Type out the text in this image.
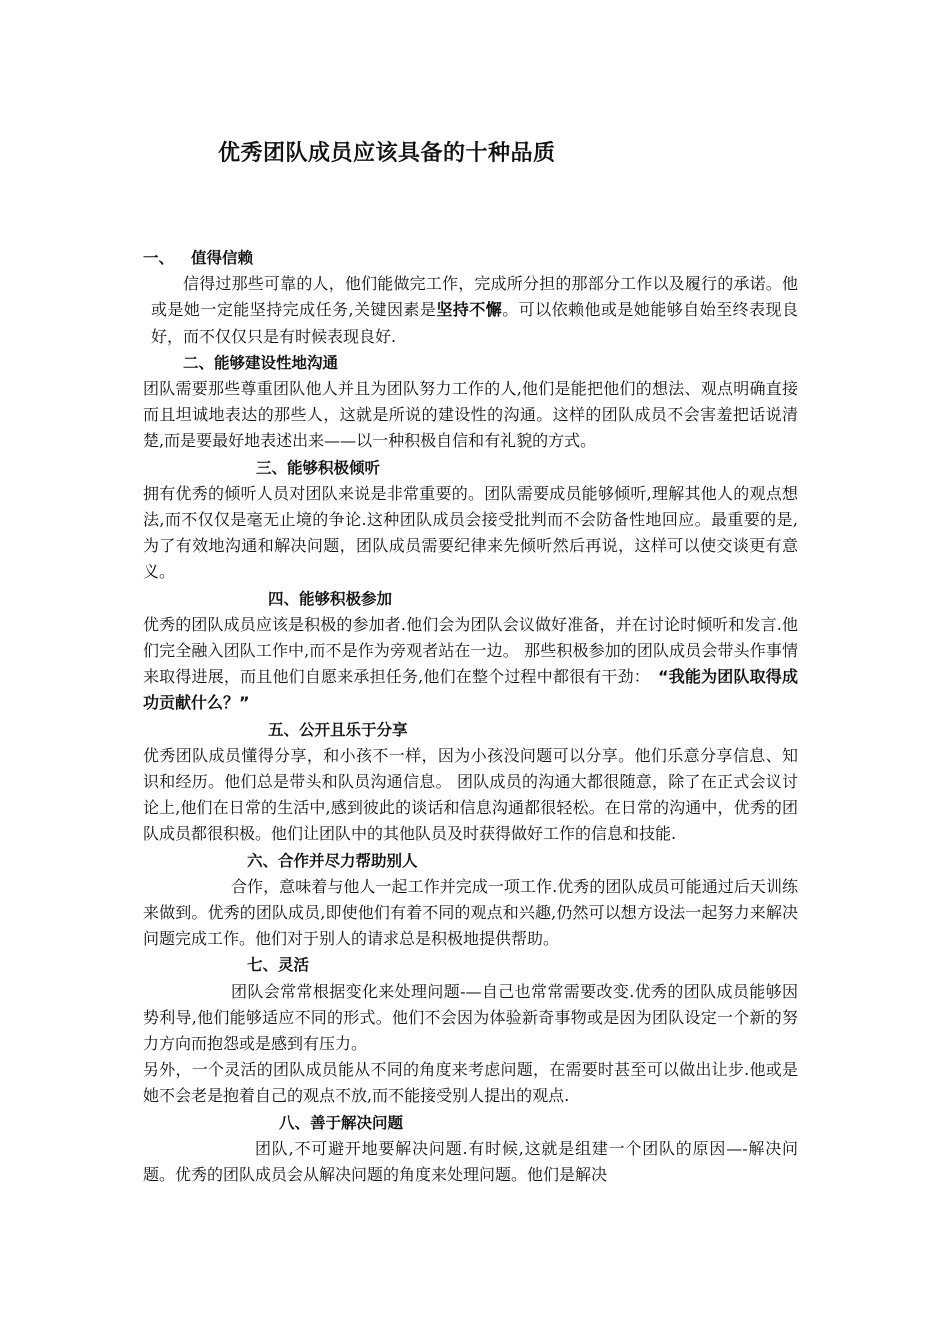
优秀团队成员应该具备的十种品质
一、 值得信赖

信得过那些可靠的人，他们能做完工作，完成所分担的那部分工作以及履行的承诺。他或是她一定能坚持完成任务,关键因素是坚持不懈。可以依赖他或是她能够自始至终表现良好，而不仅仅只是有时候表现良好.

二、能够建设性地沟通

团队需要那些尊重团队他人并且为团队努力工作的人,他们是能把他们的想法、观点明确直接而且坦诚地表达的那些人，这就是所说的建设性的沟通。这样的团队成员不会害羞把话说清楚,而是要最好地表述出来——以一种积极自信和有礼貌的方式。

三、能够积极倾听

拥有优秀的倾听人员对团队来说是非常重要的。团队需要成员能够倾听,理解其他人的观点想法,而不仅仅是毫无止境的争论.这种团队成员会接受批判而不会防备性地回应。最重要的是,为了有效地沟通和解决问题，团队成员需要纪律来先倾听然后再说，这样可以使交谈更有意义。

四、能够积极参加

优秀的团队成员应该是积极的参加者.他们会为团队会议做好准备，并在讨论时倾听和发言.他们完全融入团队工作中,而不是作为旁观者站在一边。 那些积极参加的团队成员会带头作事情来取得进展，而且他们自愿来承担任务,他们在整个过程中都很有干劲： “我能为团队取得成功贡献什么？”

五、公开且乐于分享

优秀团队成员懂得分享，和小孩不一样，因为小孩没问题可以分享。他们乐意分享信息、知识和经历。他们总是带头和队员沟通信息。 团队成员的沟通大都很随意，除了在正式会议讨论上,他们在日常的生活中,感到彼此的谈话和信息沟通都很轻松。在日常的沟通中，优秀的团队成员都很积极。他们让团队中的其他队员及时获得做好工作的信息和技能.

六、合作并尽力帮助别人

合作，意味着与他人一起工作并完成一项工作.优秀的团队成员可能通过后天训练来做到。优秀的团队成员,即使他们有着不同的观点和兴趣,仍然可以想方设法一起努力来解决问题完成工作。他们对于别人的请求总是积极地提供帮助。

七、灵活

团队会常常根据变化来处理问题-—自己也常常需要改变.优秀的团队成员能够因势利导,他们能够适应不同的形式。他们不会因为体验新奇事物或是因为团队设定一个新的努力方向而抱怨或是感到有压力。

另外，一个灵活的团队成员能从不同的角度来考虑问题，在需要时甚至可以做出让步.他或是她不会老是抱着自己的观点不放,而不能接受别人提出的观点.

八、善于解决问题

团队,不可避开地要解决问题.有时候,这就是组建一个团队的原因—-解决问题。优秀的团队成员会从解决问题的角度来处理问题。他们是解决
